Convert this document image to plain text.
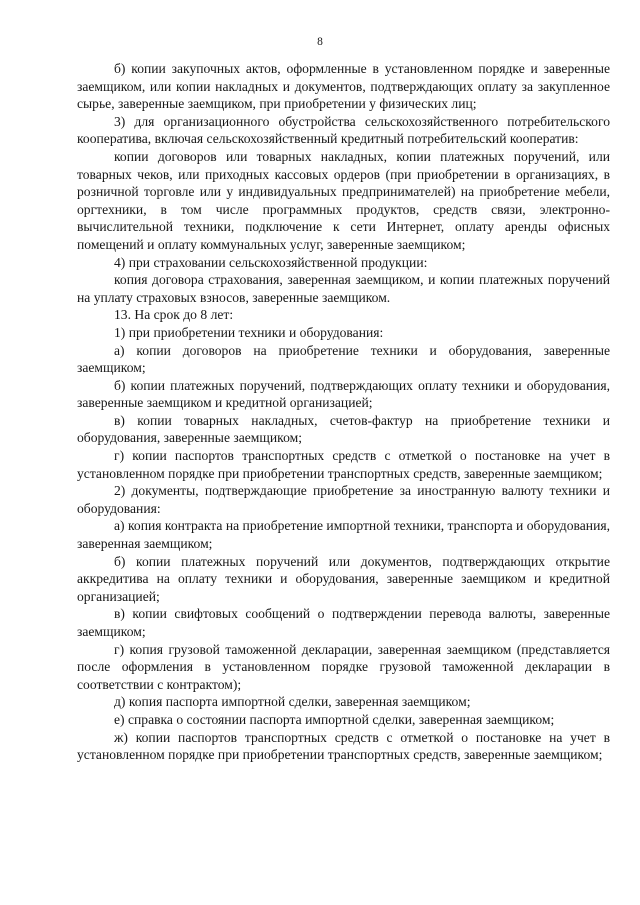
8

б) копии закупочных актов, оформленные в установленном порядке и заверенные заемщиком, или копии накладных и документов, подтверждающих оплату за закупленное сырье, заверенные заемщиком, при приобретении у физических лиц;

3) для организационного обустройства сельскохозяйственного потребительского кооператива, включая сельскохозяйственный кредитный потребительский кооператив:

копии договоров или товарных накладных, копии платежных поручений, или товарных чеков, или приходных кассовых ордеров (при приобретении в организациях, в розничной торговле или у индивидуальных предпринимателей) на приобретение мебели, оргтехники, в том числе программных продуктов, средств связи, электронно-вычислительной техники, подключение к сети Интернет, оплату аренды офисных помещений и оплату коммунальных услуг, заверенные заемщиком;

4) при страховании сельскохозяйственной продукции:

копия договора страхования, заверенная заемщиком, и копии платежных поручений на уплату страховых взносов, заверенные заемщиком.

13. На срок до 8 лет:

1) при приобретении техники и оборудования:

а) копии договоров на приобретение техники и оборудования, заверенные заемщиком;

б) копии платежных поручений, подтверждающих оплату техники и оборудования, заверенные заемщиком и кредитной организацией;

в) копии товарных накладных, счетов-фактур на приобретение техники и оборудования, заверенные заемщиком;

г) копии паспортов транспортных средств с отметкой о постановке на учет в установленном порядке при приобретении транспортных средств, заверенные заемщиком;

2) документы, подтверждающие приобретение за иностранную валюту техники и оборудования:

а) копия контракта на приобретение импортной техники, транспорта и оборудования, заверенная заемщиком;

б) копии платежных поручений или документов, подтверждающих открытие аккредитива на оплату техники и оборудования, заверенные заемщиком и кредитной организацией;

в) копии свифтовых сообщений о подтверждении перевода валюты, заверенные заемщиком;

г) копия грузовой таможенной декларации, заверенная заемщиком (представляется после оформления в установленном порядке грузовой таможенной декларации в соответствии с контрактом);

д) копия паспорта импортной сделки, заверенная заемщиком;

е) справка о состоянии паспорта импортной сделки, заверенная заемщиком;

ж) копии паспортов транспортных средств с отметкой о постановке на учет в установленном порядке при приобретении транспортных средств, заверенные заемщиком;
